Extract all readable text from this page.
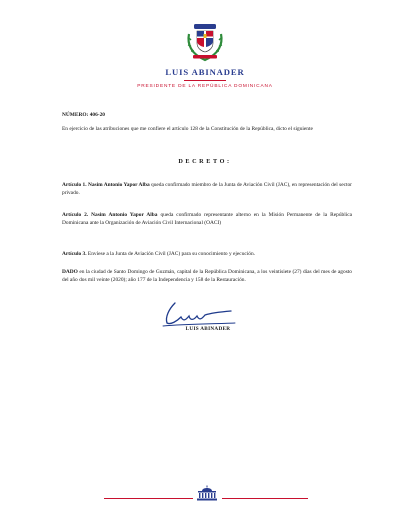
LUIS ABINADER
PRESIDENTE DE LA REPÚBLICA DOMINICANA
NÚMERO: 406-20
En ejercicio de las atribuciones que me confiere el artículo 128 de la Constitución de la República, dicto el siguiente
DECRETO:
Artículo 1. Nasim Antonio Yapor Alba queda confirmado miembro de la Junta de Aviación Civil (JAC), en representación del sector privado.
Artículo 2. Nasim Antonio Yapor Alba queda confirmado representante alterno en la Misión Permanente de la República Dominicana ante la Organización de Aviación Civil Internacional (OACI)
Artículo 3. Envíese a la Junta de Aviación Civil (JAC) para su conocimiento y ejecución.
DADO en la ciudad de Santo Domingo de Guzmán, capital de la República Dominicana, a los veintisiete (27) días del mes de agosto del año dos mil veinte (2020); año 177 de la Independencia y 158 de la Restauración.
LUIS ABINADER
